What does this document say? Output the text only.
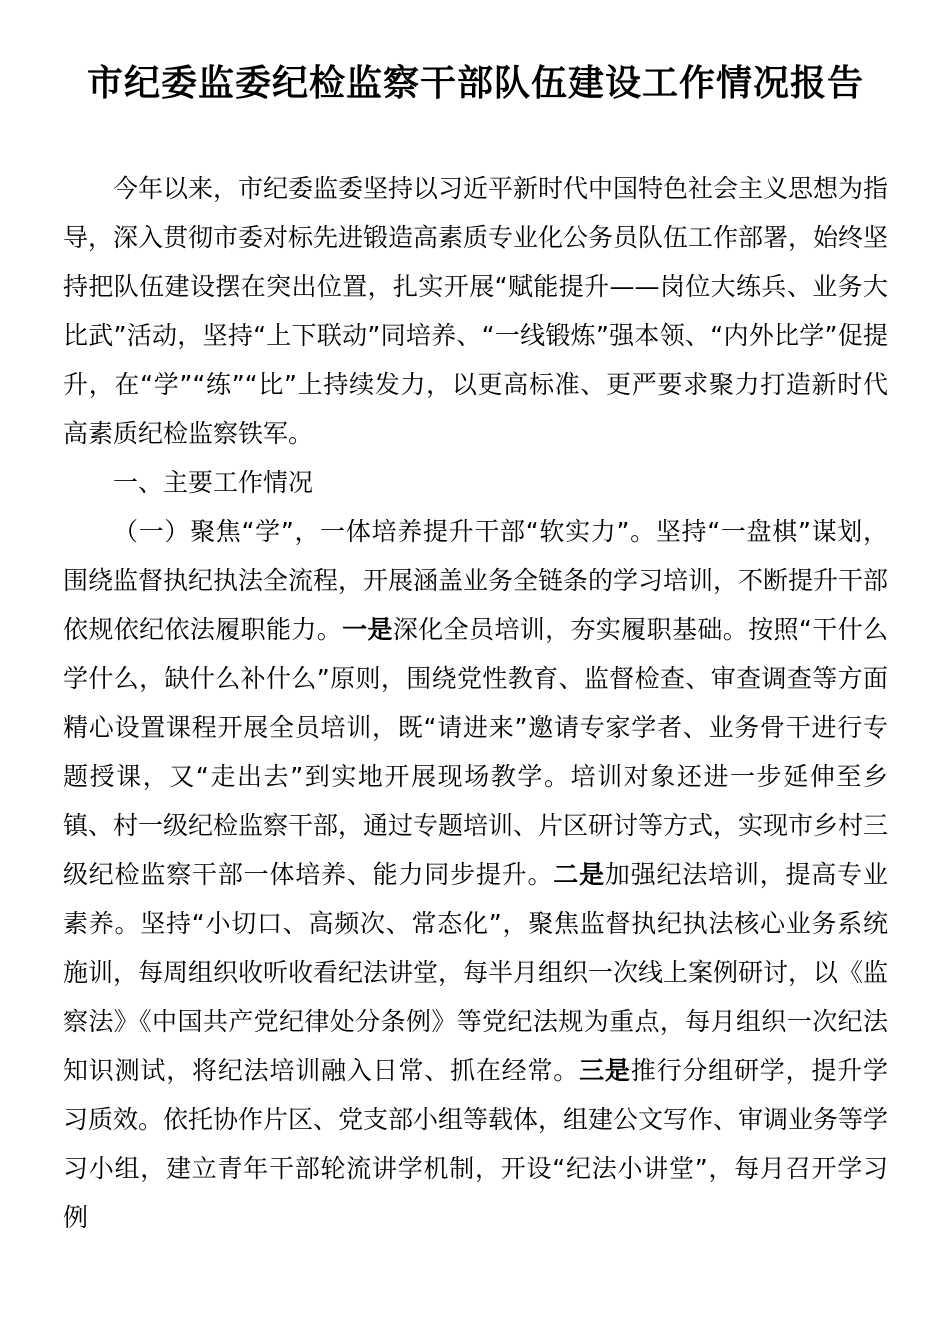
市纪委监委纪检监察干部队伍建设工作情况报告

今年以来，市纪委监委坚持以习近平新时代中国特色社会主义思想为指导，深入贯彻市委对标先进锻造高素质专业化公务员队伍工作部署，始终坚持把队伍建设摆在突出位置，扎实开展“赋能提升——岗位大练兵、业务大比武”活动，坚持“上下联动”同培养、“一线锻炼”强本领、“内外比学”促提升，在“学”“练”“比”上持续发力，以更高标准、更严要求聚力打造新时代高素质纪检监察铁军。

一、主要工作情况

（一）聚焦“学”，一体培养提升干部“软实力”。坚持“一盘棋”谋划，围绕监督执纪执法全流程，开展涵盖业务全链条的学习培训，不断提升干部依规依纪依法履职能力。一是深化全员培训，夯实履职基础。按照“干什么学什么，缺什么补什么”原则，围绕党性教育、监督检查、审查调查等方面精心设置课程开展全员培训，既“请进来”邀请专家学者、业务骨干进行专题授课，又“走出去”到实地开展现场教学。培训对象还进一步延伸至乡镇、村一级纪检监察干部，通过专题培训、片区研讨等方式，实现市乡村三级纪检监察干部一体培养、能力同步提升。二是加强纪法培训，提高专业素养。坚持“小切口、高频次、常态化”，聚焦监督执纪执法核心业务系统施训，每周组织收听收看纪法讲堂，每半月组织一次线上案例研讨，以《监察法》《中国共产党纪律处分条例》等党纪法规为重点，每月组织一次纪法知识测试，将纪法培训融入日常、抓在经常。三是推行分组研学，提升学习质效。依托协作片区、党支部小组等载体，组建公文写作、审调业务等学习小组，建立青年干部轮流讲学机制，开设“纪法小讲堂”，每月召开学习例
